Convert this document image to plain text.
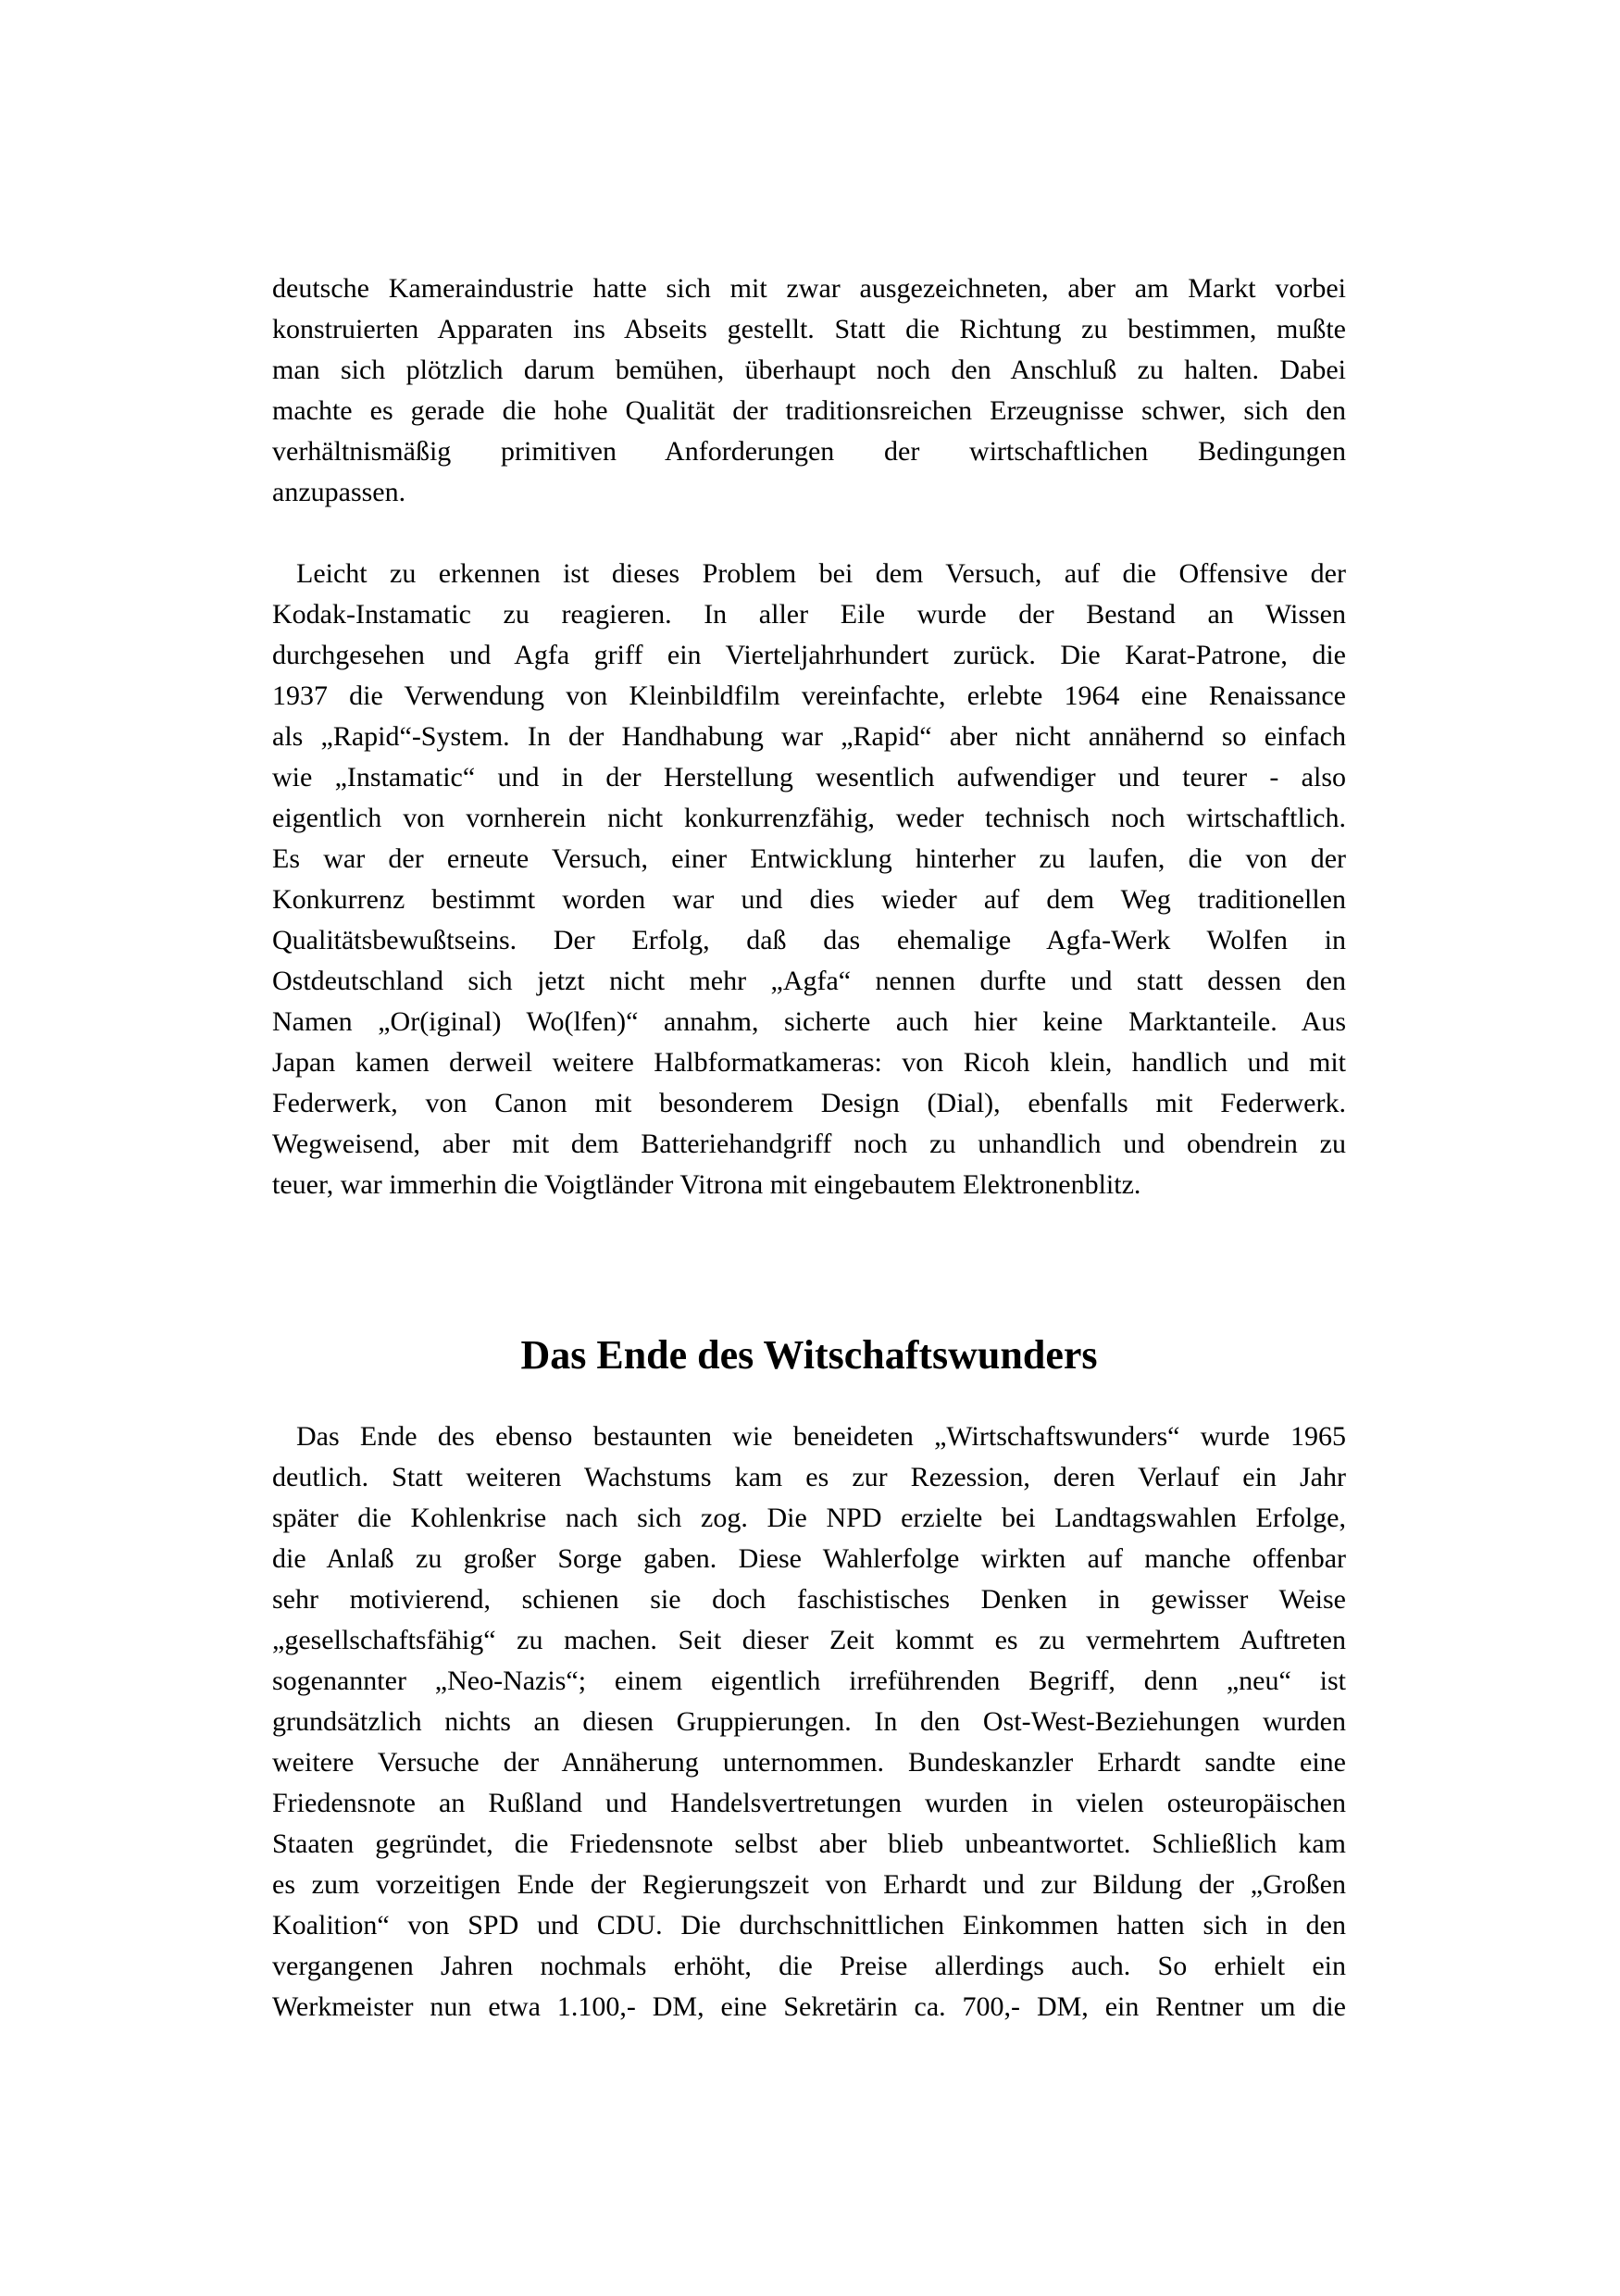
deutsche Kameraindustrie hatte sich mit zwar ausgezeichneten, aber am Markt vorbei
konstruierten Apparaten ins Abseits gestellt. Statt die Richtung zu bestimmen, mußte
man sich plötzlich darum bemühen, überhaupt noch den Anschluß zu halten. Dabei
machte es gerade die hohe Qualität der traditionsreichen Erzeugnisse schwer, sich den
verhältnismäßig primitiven Anforderungen der wirtschaftlichen Bedingungen
anzupassen.
Leicht zu erkennen ist dieses Problem bei dem Versuch, auf die Offensive der
Kodak-Instamatic zu reagieren. In aller Eile wurde der Bestand an Wissen
durchgesehen und Agfa griff ein Vierteljahrhundert zurück. Die Karat-Patrone, die
1937 die Verwendung von Kleinbildfilm vereinfachte, erlebte 1964 eine Renaissance
als „Rapid“-System. In der Handhabung war „Rapid“ aber nicht annähernd so einfach
wie „Instamatic“ und in der Herstellung wesentlich aufwendiger und teurer - also
eigentlich von vornherein nicht konkurrenzfähig, weder technisch noch wirtschaftlich.
Es war der erneute Versuch, einer Entwicklung hinterher zu laufen, die von der
Konkurrenz bestimmt worden war und dies wieder auf dem Weg traditionellen
Qualitätsbewußtseins. Der Erfolg, daß das ehemalige Agfa-Werk Wolfen in
Ostdeutschland sich jetzt nicht mehr „Agfa“ nennen durfte und statt dessen den
Namen „Or(iginal) Wo(lfen)“ annahm, sicherte auch hier keine Marktanteile. Aus
Japan kamen derweil weitere Halbformatkameras: von Ricoh klein, handlich und mit
Federwerk, von Canon mit besonderem Design (Dial), ebenfalls mit Federwerk.
Wegweisend, aber mit dem Batteriehandgriff noch zu unhandlich und obendrein zu
teuer, war immerhin die Voigtländer Vitrona mit eingebautem Elektronenblitz.
Das Ende des Witschaftswunders
Das Ende des ebenso bestaunten wie beneideten „Wirtschaftswunders“ wurde 1965
deutlich. Statt weiteren Wachstums kam es zur Rezession, deren Verlauf ein Jahr
später die Kohlenkrise nach sich zog. Die NPD erzielte bei Landtagswahlen Erfolge,
die Anlaß zu großer Sorge gaben. Diese Wahlerfolge wirkten auf manche offenbar
sehr motivierend, schienen sie doch faschistisches Denken in gewisser Weise
„gesellschaftsfähig“ zu machen. Seit dieser Zeit kommt es zu vermehrtem Auftreten
sogenannter „Neo-Nazis“; einem eigentlich irreführenden Begriff, denn „neu“ ist
grundsätzlich nichts an diesen Gruppierungen. In den Ost-West-Beziehungen wurden
weitere Versuche der Annäherung unternommen. Bundeskanzler Erhardt sandte eine
Friedensnote an Rußland und Handelsvertretungen wurden in vielen osteuropäischen
Staaten gegründet, die Friedensnote selbst aber blieb unbeantwortet. Schließlich kam
es zum vorzeitigen Ende der Regierungszeit von Erhardt und zur Bildung der „Großen
Koalition“ von SPD und CDU. Die durchschnittlichen Einkommen hatten sich in den
vergangenen Jahren nochmals erhöht, die Preise allerdings auch. So erhielt ein
Werkmeister nun etwa 1.100,- DM, eine Sekretärin ca. 700,- DM, ein Rentner um die
